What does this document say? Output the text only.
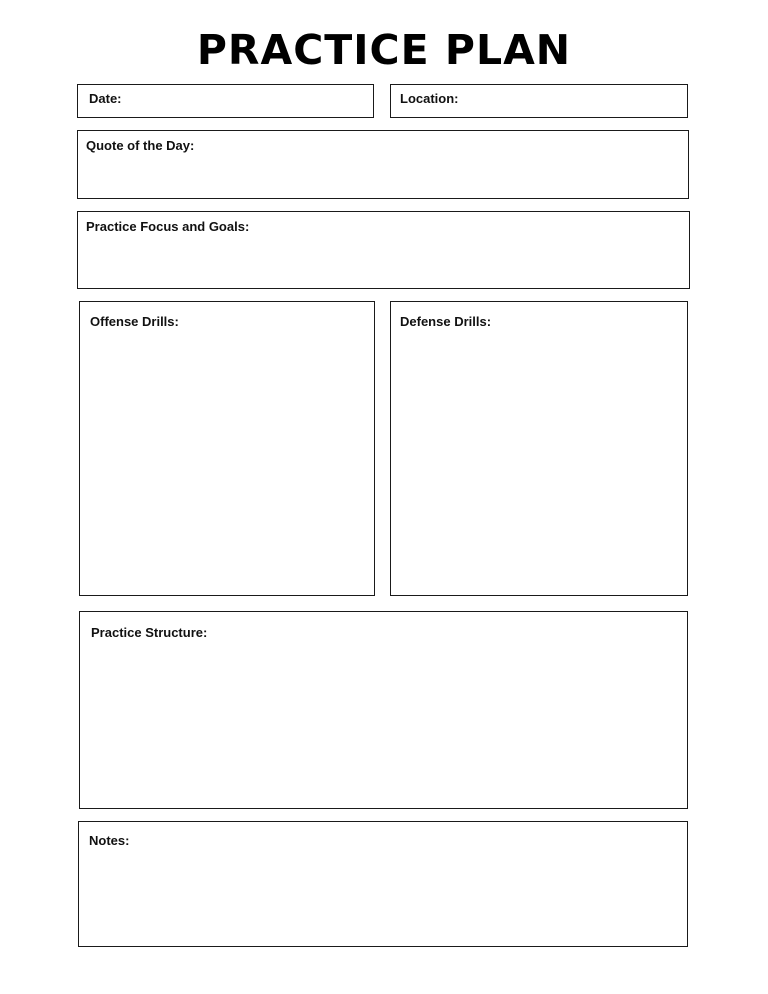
PRACTICE PLAN
Date:	Location:
Quote of the Day:
Practice Focus and Goals:
Offense Drills:	Defense Drills:
Practice Structure:
Notes:
